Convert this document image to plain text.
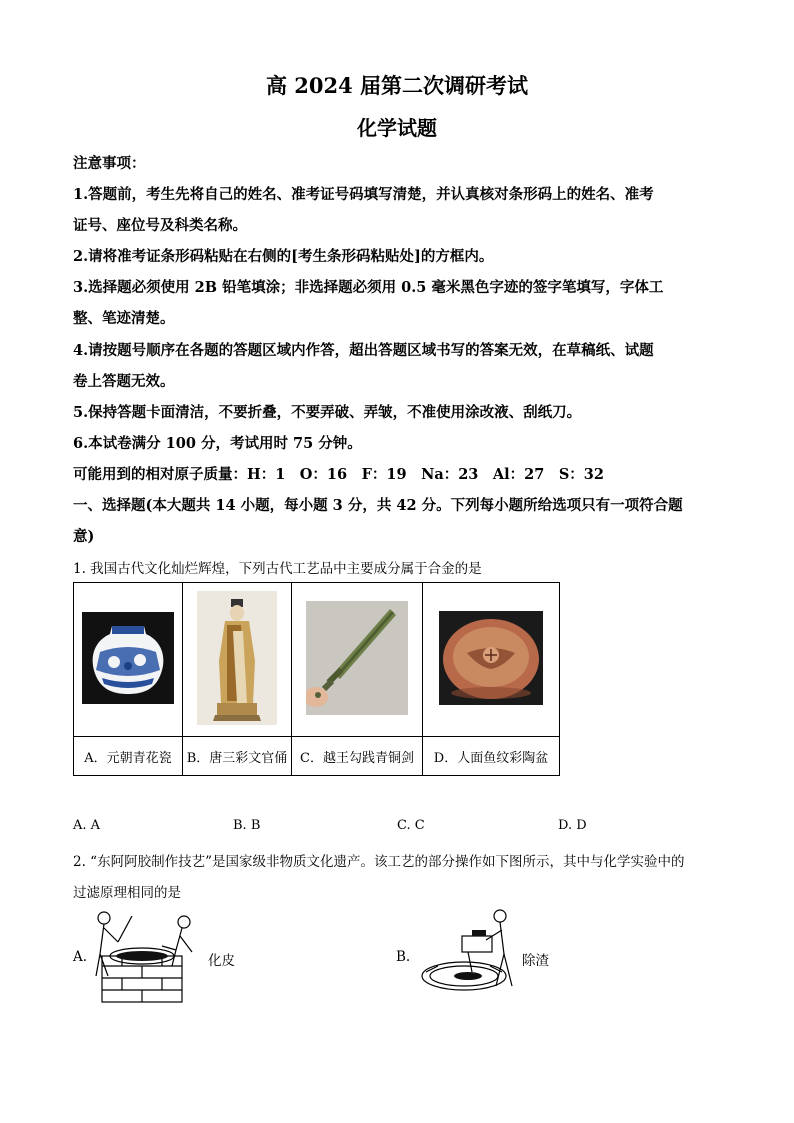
高 2024 届第二次调研考试
化学试题
注意事项：
1.答题前，考生先将自己的姓名、准考证号码填写清楚，并认真核对条形码上的姓名、准考
证号、座位号及科类名称。
2.请将准考证条形码粘贴在右侧的[考生条形码粘贴处]的方框内。
3.选择题必须使用 2B 铅笔填涂；非选择题必须用 0.5 毫米黑色字迹的签字笔填写，字体工
整、笔迹清楚。
4.请按题号顺序在各题的答题区域内作答，超出答题区域书写的答案无效，在草稿纸、试题
卷上答题无效。
5.保持答题卡面清洁，不要折叠，不要弄破、弄皱，不准使用涂改液、刮纸刀。
6.本试卷满分 100 分，考试用时 75 分钟。
可能用到的相对原子质量：H：1　O：16　F：19　Na：23　Al：27　S：32
一、选择题(本大题共 14 小题，每小题 3 分，共 42 分。下列每小题所给选项只有一项符合题
意)
1. 我国古代文化灿烂辉煌，下列古代工艺品中主要成分属于合金的是

A．元朝青花瓷	B．唐三彩文官俑	C．越王勾践青铜剑	D．人面鱼纹彩陶盆
A. A	B. B	C. C	D. D
2. “东阿阿胶制作技艺”是国家级非物质文化遗产。该工艺的部分操作如下图所示，其中与化学实验中的
过滤原理相同的是
A.	化皮	B.	除渣
